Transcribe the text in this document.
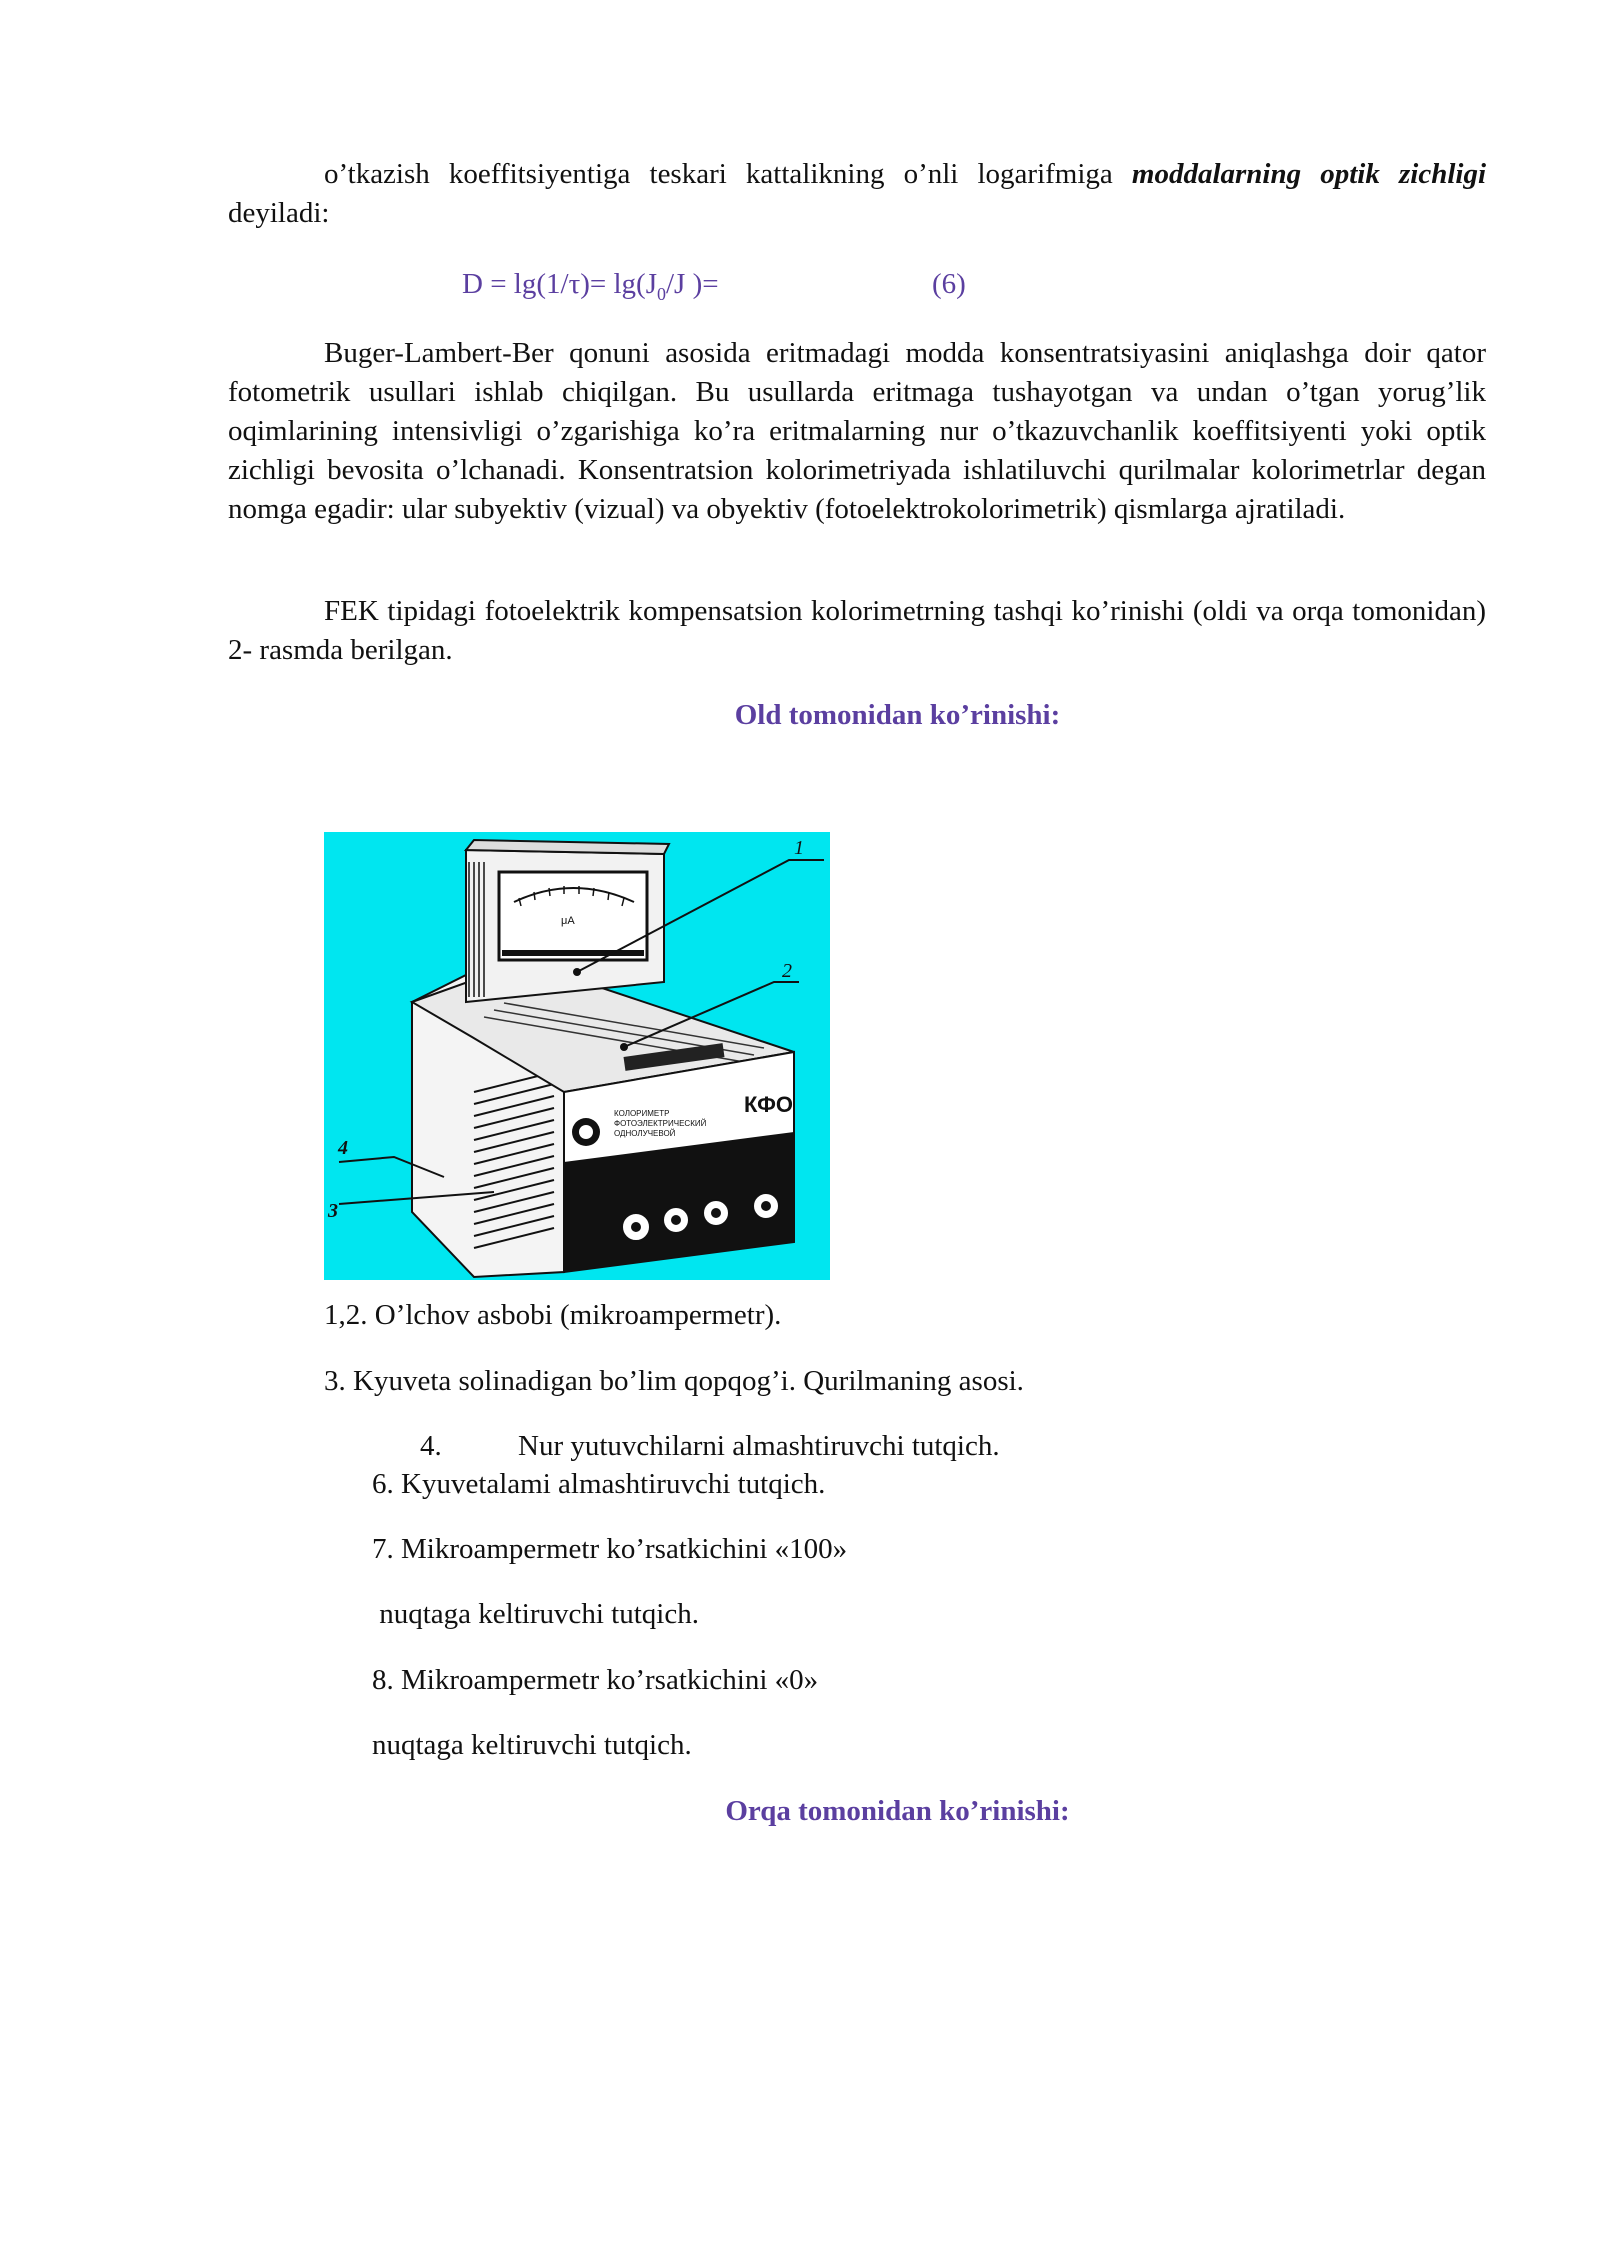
o’tkazish koeffitsiyentiga teskari kattalikning o’nli logarifmiga moddalarning optik zichligi deyiladi:
$D = \lg(1/\tau)= \lg(J_0/J$ )=	(6)
Buger-Lambert-Ber qonuni asosida eritmadagi modda konsentratsiyasini aniqlashga doir qator fotometrik usullari ishlab chiqilgan. Bu usullarda eritmaga tushayotgan va undan o’tgan yorug’lik oqimlarining intensivligi o’zgarishiga ko’ra eritmalarning nur o’tkazuvchanlik koeffitsiyenti yoki optik zichligi bevosita o’lchanadi. Konsentratsion kolorimetriyada ishlatiluvchi qurilmalar kolorimetrlar degan nomga egadir: ular subyektiv (vizual) va obyektiv (fotoelektrokolorimetrik) qismlarga ajratiladi.
FEK tipidagi fotoelektrik kompensatsion kolorimetrning tashqi ko’rinishi (oldi va orqa tomonidan) 2- rasmda berilgan.
Old tomonidan ko’rinishi:
КФО
КОЛОРИМЕТР
ФОТОЭЛЕКТРИЧЕСКИЙ
ОДНОЛУЧЕВОЙ
μA
1
2
3
4
1,2. O’lchov asbobi (mikroampermetr).
3. Kyuveta solinadigan bo’lim qopqog’i. Qurilmaning asosi.
4.	Nur yutuvchilarni almashtiruvchi tutqich.
6. Kyuvetalami almashtiruvchi tutqich.
7. Mikroampermetr ko’rsatkichini «100»
nuqtaga keltiruvchi tutqich.
8. Mikroampermetr ko’rsatkichini «0»
nuqtaga keltiruvchi tutqich.
Orqa tomonidan ko’rinishi:
